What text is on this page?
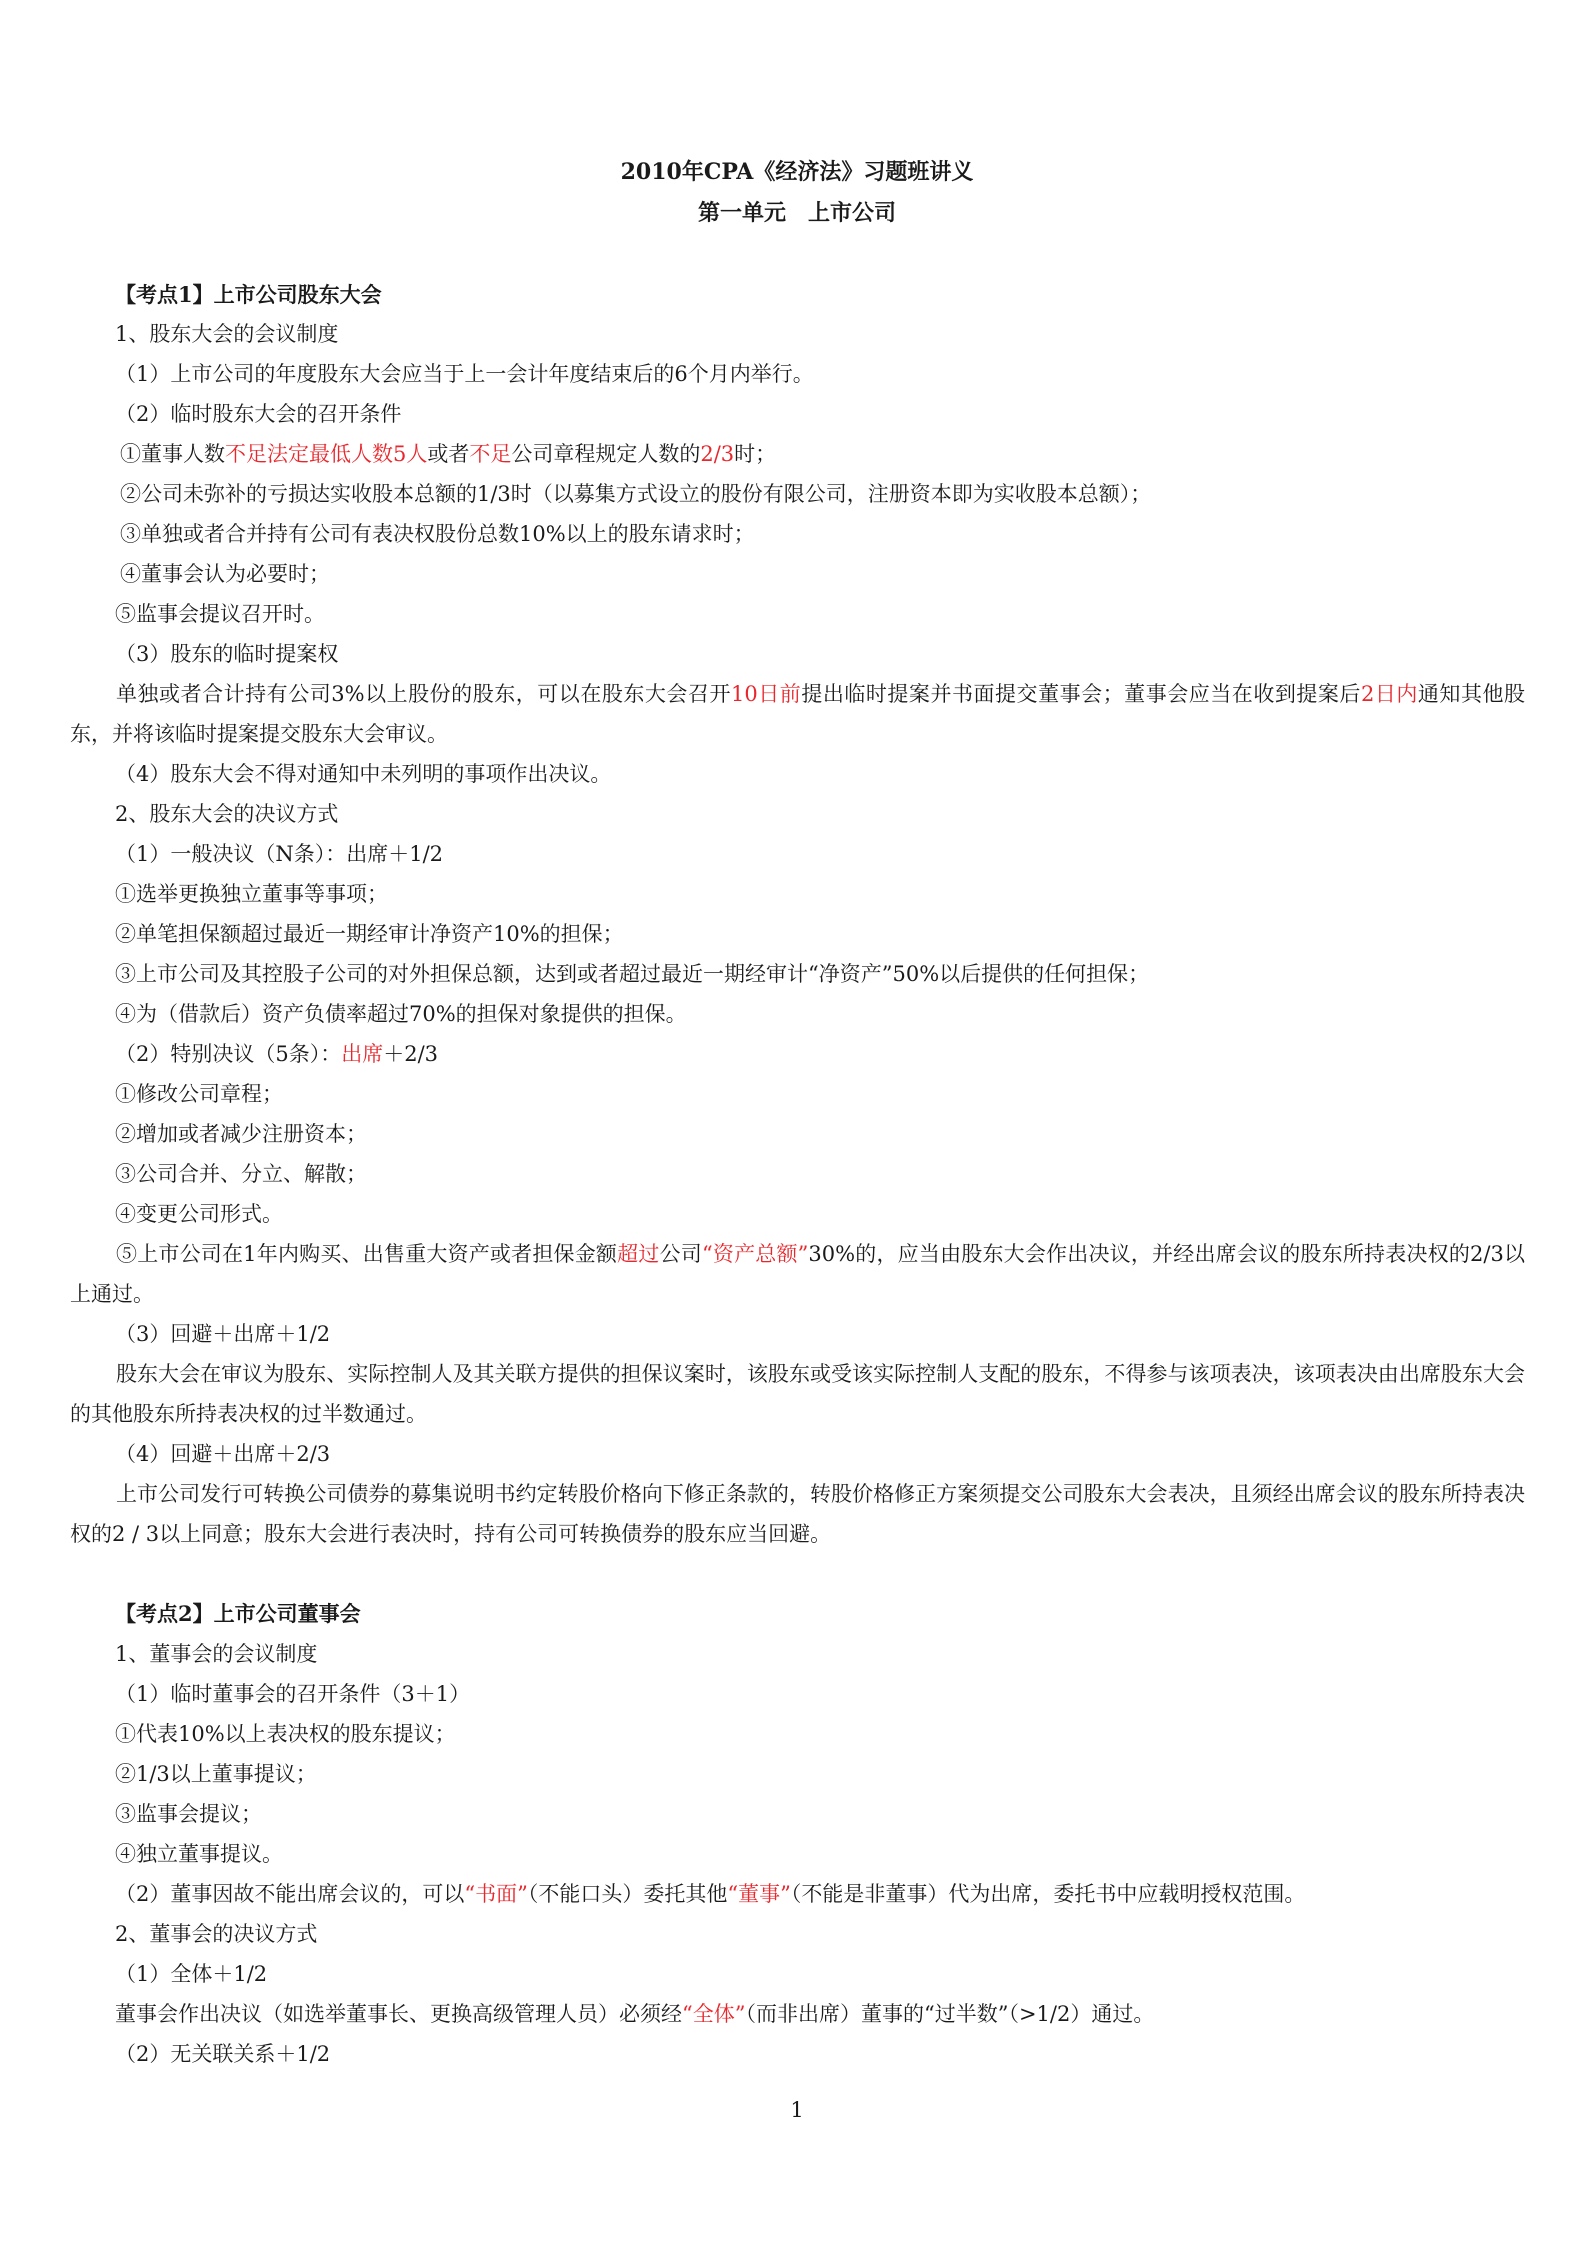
2010年CPA《经济法》习题班讲义
第一单元　上市公司
【考点1】上市公司股东大会
1、股东大会的会议制度
（1）上市公司的年度股东大会应当于上一会计年度结束后的6个月内举行。
（2）临时股东大会的召开条件
①董事人数不足法定最低人数5人或者不足公司章程规定人数的2/3时；
②公司未弥补的亏损达实收股本总额的1/3时（以募集方式设立的股份有限公司，注册资本即为实收股本总额）；
③单独或者合并持有公司有表决权股份总数10%以上的股东请求时；
④董事会认为必要时；
⑤监事会提议召开时。
（3）股东的临时提案权
单独或者合计持有公司3%以上股份的股东，可以在股东大会召开10日前提出临时提案并书面提交董事会；董事会应当在收到提案后2日内通知其他股东，并将该临时提案提交股东大会审议。
（4）股东大会不得对通知中未列明的事项作出决议。
2、股东大会的决议方式
（1）一般决议（N条）：出席＋1/2
①选举更换独立董事等事项；
②单笔担保额超过最近一期经审计净资产10%的担保；
③上市公司及其控股子公司的对外担保总额，达到或者超过最近一期经审计“净资产”50%以后提供的任何担保；
④为（借款后）资产负债率超过70%的担保对象提供的担保。
（2）特别决议（5条）：出席＋2/3
①修改公司章程；
②增加或者减少注册资本；
③公司合并、分立、解散；
④变更公司形式。
⑤上市公司在1年内购买、出售重大资产或者担保金额超过公司“资产总额”30%的，应当由股东大会作出决议，并经出席会议的股东所持表决权的2/3以上通过。
（3）回避＋出席＋1/2
股东大会在审议为股东、实际控制人及其关联方提供的担保议案时，该股东或受该实际控制人支配的股东，不得参与该项表决，该项表决由出席股东大会的其他股东所持表决权的过半数通过。
（4）回避＋出席＋2/3
上市公司发行可转换公司债券的募集说明书约定转股价格向下修正条款的，转股价格修正方案须提交公司股东大会表决，且须经出席会议的股东所持表决权的2 / 3以上同意；股东大会进行表决时，持有公司可转换债券的股东应当回避。
【考点2】上市公司董事会
1、董事会的会议制度
（1）临时董事会的召开条件（3＋1）
①代表10%以上表决权的股东提议；
②1/3以上董事提议；
③监事会提议；
④独立董事提议。
（2）董事因故不能出席会议的，可以“书面”（不能口头）委托其他“董事”（不能是非董事）代为出席，委托书中应载明授权范围。
2、董事会的决议方式
（1）全体＋1/2
董事会作出决议（如选举董事长、更换高级管理人员）必须经“全体”（而非出席）董事的“过半数”（>1/2）通过。
（2）无关联关系＋1/2
1
